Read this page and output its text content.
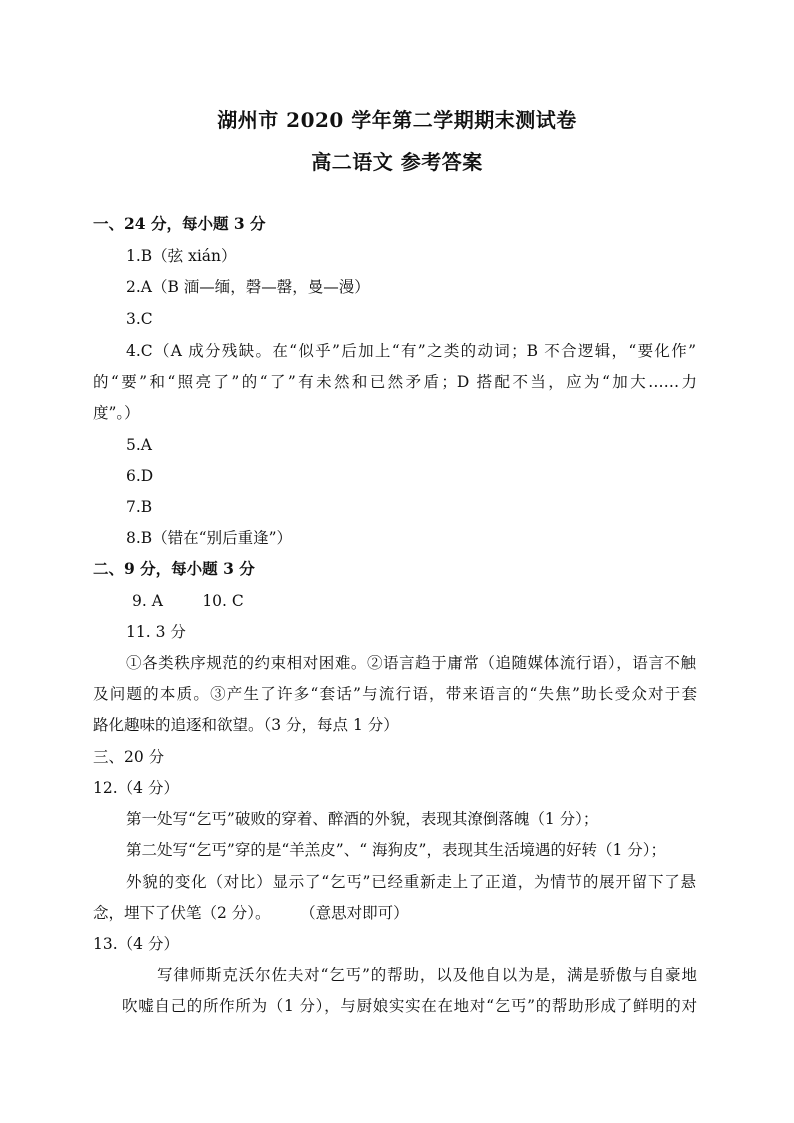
湖州市 2020 学年第二学期期末测试卷
高二语文 参考答案
一、24 分，每小题 3 分
1.B（弦 xián）
2.A（B 湎—缅，磬—罄，曼—漫）
3.C
4.C（A 成分残缺。在“似乎”后加上“有”之类的动词；B 不合逻辑，“要化作”
的“要”和“照亮了”的“了”有未然和已然矛盾；D 搭配不当，应为“加大……力
度”。）
5.A
6.D
7.B
8.B（错在“别后重逢”）
二、9 分，每小题 3 分
9. A        10. C
11. 3 分
①各类秩序规范的约束相对困难。②语言趋于庸常（追随媒体流行语），语言不触
及问题的本质。③产生了许多“套话”与流行语，带来语言的“失焦”助长受众对于套
路化趣味的追逐和欲望。（3 分，每点 1 分）
三、20 分
12.（4 分）
第一处写“乞丐”破败的穿着、醉酒的外貌，表现其潦倒落魄（1 分）；
第二处写“乞丐”穿的是“羊羔皮”、“ 海狗皮”，表现其生活境遇的好转（1 分）；
外貌的变化（对比）显示了“乞丐”已经重新走上了正道，为情节的展开留下了悬
念，埋下了伏笔（2 分）。      （意思对即可）
13.（4 分）
写律师斯克沃尔佐夫对“乞丐”的帮助，以及他自以为是，满是骄傲与自豪地
吹嘘自己的所作所为（1 分），与厨娘实实在在地对“乞丐”的帮助形成了鲜明的对
